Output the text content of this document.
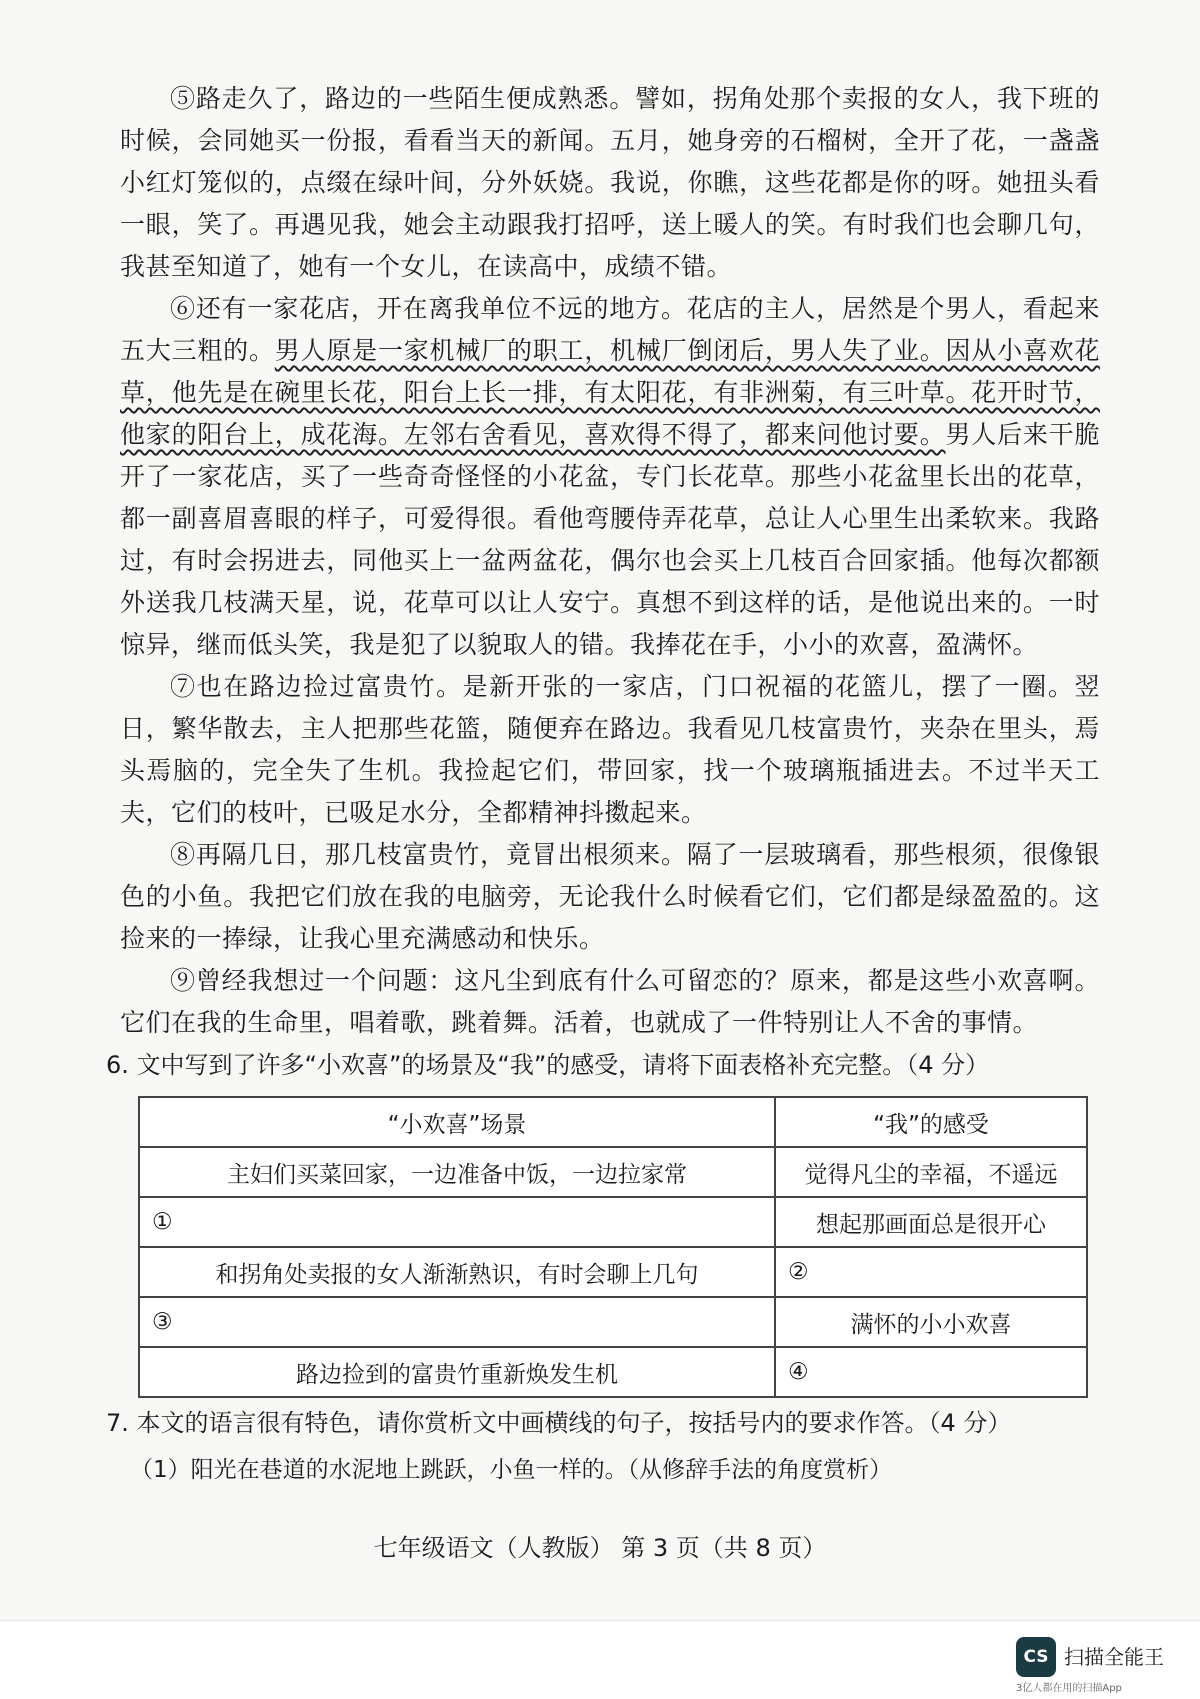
⑤路走久了，路边的一些陌生便成熟悉。譬如，拐角处那个卖报的女人，我下班的时候，会同她买一份报，看看当天的新闻。五月，她身旁的石榴树，全开了花，一盏盏小红灯笼似的，点缀在绿叶间，分外妖娆。我说，你瞧，这些花都是你的呀。她扭头看一眼，笑了。再遇见我，她会主动跟我打招呼，送上暖人的笑。有时我们也会聊几句，我甚至知道了，她有一个女儿，在读高中，成绩不错。

⑥还有一家花店，开在离我单位不远的地方。花店的主人，居然是个男人，看起来五大三粗的。男人原是一家机械厂的职工，机械厂倒闭后，男人失了业。因从小喜欢花草，他先是在碗里长花，阳台上长一排，有太阳花，有非洲菊，有三叶草。花开时节，他家的阳台上，成花海。左邻右舍看见，喜欢得不得了，都来问他讨要。男人后来干脆开了一家花店，买了一些奇奇怪怪的小花盆，专门长花草。那些小花盆里长出的花草，都一副喜眉喜眼的样子，可爱得很。看他弯腰侍弄花草，总让人心里生出柔软来。我路过，有时会拐进去，同他买上一盆两盆花，偶尔也会买上几枝百合回家插。他每次都额外送我几枝满天星，说，花草可以让人安宁。真想不到这样的话，是他说出来的。一时惊异，继而低头笑，我是犯了以貌取人的错。我捧花在手，小小的欢喜，盈满怀。

⑦也在路边捡过富贵竹。是新开张的一家店，门口祝福的花篮儿，摆了一圈。翌日，繁华散去，主人把那些花篮，随便弃在路边。我看见几枝富贵竹，夹杂在里头，焉头焉脑的，完全失了生机。我捡起它们，带回家，找一个玻璃瓶插进去。不过半天工夫，它们的枝叶，已吸足水分，全都精神抖擞起来。

⑧再隔几日，那几枝富贵竹，竟冒出根须来。隔了一层玻璃看，那些根须，很像银色的小鱼。我把它们放在我的电脑旁，无论我什么时候看它们，它们都是绿盈盈的。这捡来的一捧绿，让我心里充满感动和快乐。

⑨曾经我想过一个问题：这凡尘到底有什么可留恋的？原来，都是这些小欢喜啊。它们在我的生命里，唱着歌，跳着舞。活着，也就成了一件特别让人不舍的事情。

6. 文中写到了许多“小欢喜”的场景及“我”的感受，请将下面表格补充完整。（4 分）
“小欢喜”场景	“我”的感受
主妇们买菜回家，一边准备中饭，一边拉家常	觉得凡尘的幸福，不遥远
①	想起那画面总是很开心
和拐角处卖报的女人渐渐熟识，有时会聊上几句	②
③	满怀的小小欢喜
路边捡到的富贵竹重新焕发生机	④
7. 本文的语言很有特色，请你赏析文中画横线的句子，按括号内的要求作答。（4 分）
（1）阳光在巷道的水泥地上跳跃，小鱼一样的。（从修辞手法的角度赏析）
七年级语文（人教版） 第 3 页（共 8 页）
CS 扫描全能王
3亿人都在用的扫描App
